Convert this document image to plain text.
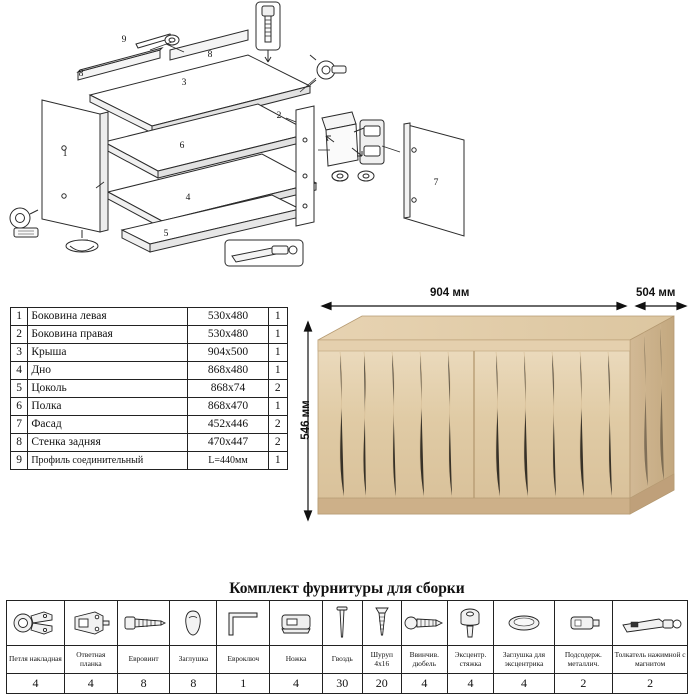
1
2
3
4
5
6
7
8
8
9
1	Боковина левая	530х480	1
2	Боковина правая	530х480	1
3	Крыша	904х500	1
4	Дно	868х480	1
5	Цоколь	868х74	2
6	Полка	868х470	1
7	Фасад	452х446	2
8	Стенка задняя	470х447	2
9	Профиль соединительный	L=440мм	1
904 мм	504 мм
546 мм
Комплект фурнитуры для сборки

Петля накладная	Ответная планка	Евровинт	Заглушка	Евроключ	Ножка	Гвоздь	Шуруп 4х16	Ввинчив. дюбель	Эксцентр. стяжка	Заглушка для эксцентрика	Подсодерж. металлич.	Толкатель нажимной с магнитом
4	4	8	8	1	4	30	20	4	4	4	2	2
